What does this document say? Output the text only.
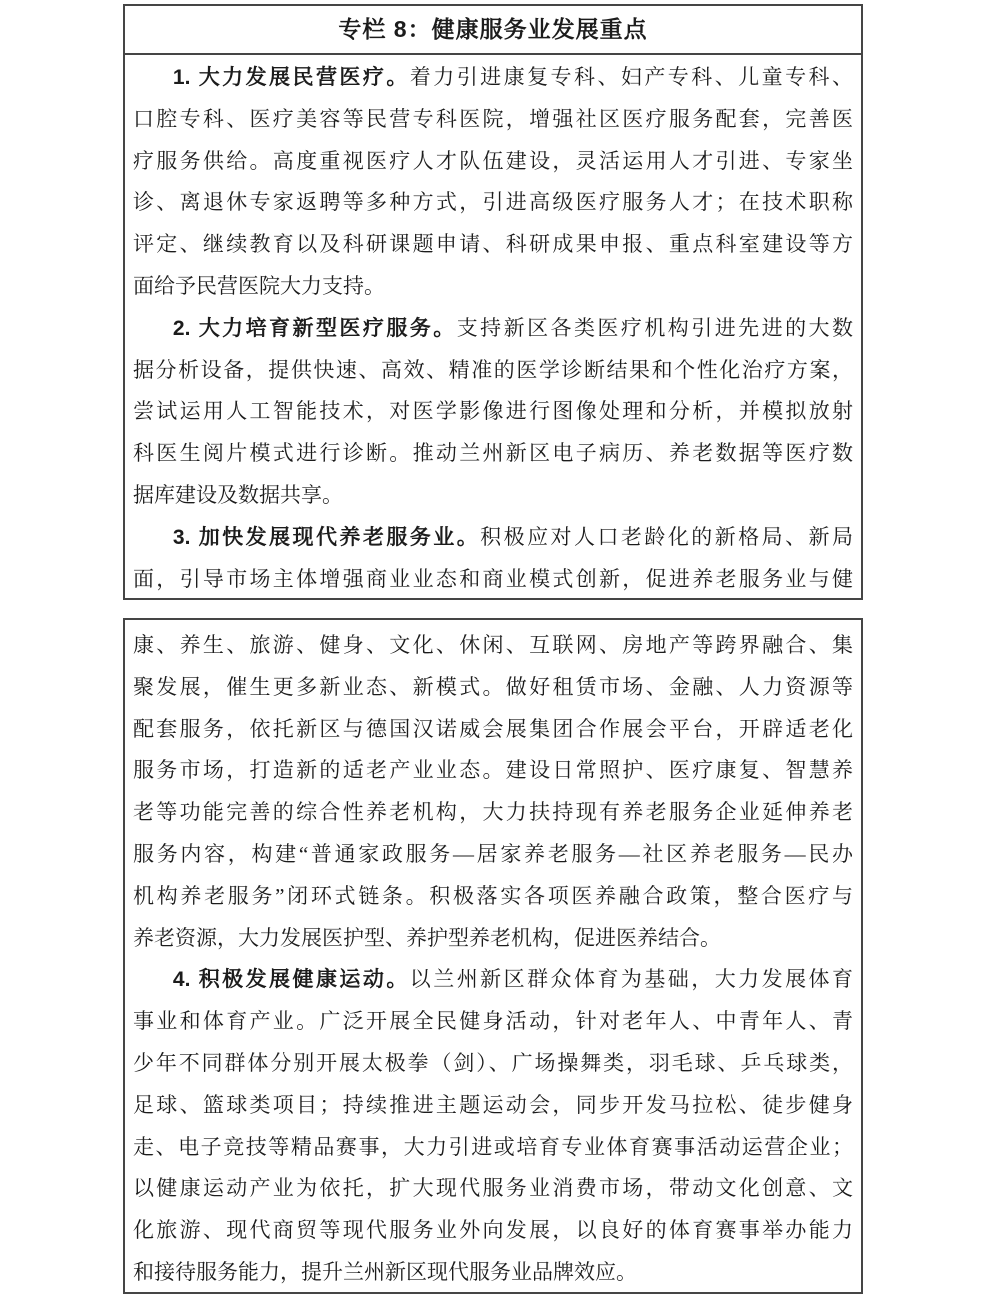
专栏 8：健康服务业发展重点
1. 大力发展民营医疗。着力引进康复专科、妇产专科、儿童专科、
口腔专科、医疗美容等民营专科医院，增强社区医疗服务配套，完善医
疗服务供给。高度重视医疗人才队伍建设，灵活运用人才引进、专家坐
诊、离退休专家返聘等多种方式，引进高级医疗服务人才；在技术职称
评定、继续教育以及科研课题申请、科研成果申报、重点科室建设等方
面给予民营医院大力支持。
2. 大力培育新型医疗服务。支持新区各类医疗机构引进先进的大数
据分析设备，提供快速、高效、精准的医学诊断结果和个性化治疗方案，
尝试运用人工智能技术，对医学影像进行图像处理和分析，并模拟放射
科医生阅片模式进行诊断。推动兰州新区电子病历、养老数据等医疗数
据库建设及数据共享。
3. 加快发展现代养老服务业。积极应对人口老龄化的新格局、新局
面，引导市场主体增强商业业态和商业模式创新，促进养老服务业与健
康、养生、旅游、健身、文化、休闲、互联网、房地产等跨界融合、集
聚发展，催生更多新业态、新模式。做好租赁市场、金融、人力资源等
配套服务，依托新区与德国汉诺威会展集团合作展会平台，开辟适老化
服务市场，打造新的适老产业业态。建设日常照护、医疗康复、智慧养
老等功能完善的综合性养老机构，大力扶持现有养老服务企业延伸养老
服务内容，构建“普通家政服务—居家养老服务—社区养老服务—民办
机构养老服务”闭环式链条。积极落实各项医养融合政策，整合医疗与
养老资源，大力发展医护型、养护型养老机构，促进医养结合。
4. 积极发展健康运动。以兰州新区群众体育为基础，大力发展体育
事业和体育产业。广泛开展全民健身活动，针对老年人、中青年人、青
少年不同群体分别开展太极拳（剑）、广场操舞类，羽毛球、乒乓球类，
足球、篮球类项目；持续推进主题运动会，同步开发马拉松、徒步健身
走、电子竞技等精品赛事，大力引进或培育专业体育赛事活动运营企业；
以健康运动产业为依托，扩大现代服务业消费市场，带动文化创意、文
化旅游、现代商贸等现代服务业外向发展，以良好的体育赛事举办能力
和接待服务能力，提升兰州新区现代服务业品牌效应。
